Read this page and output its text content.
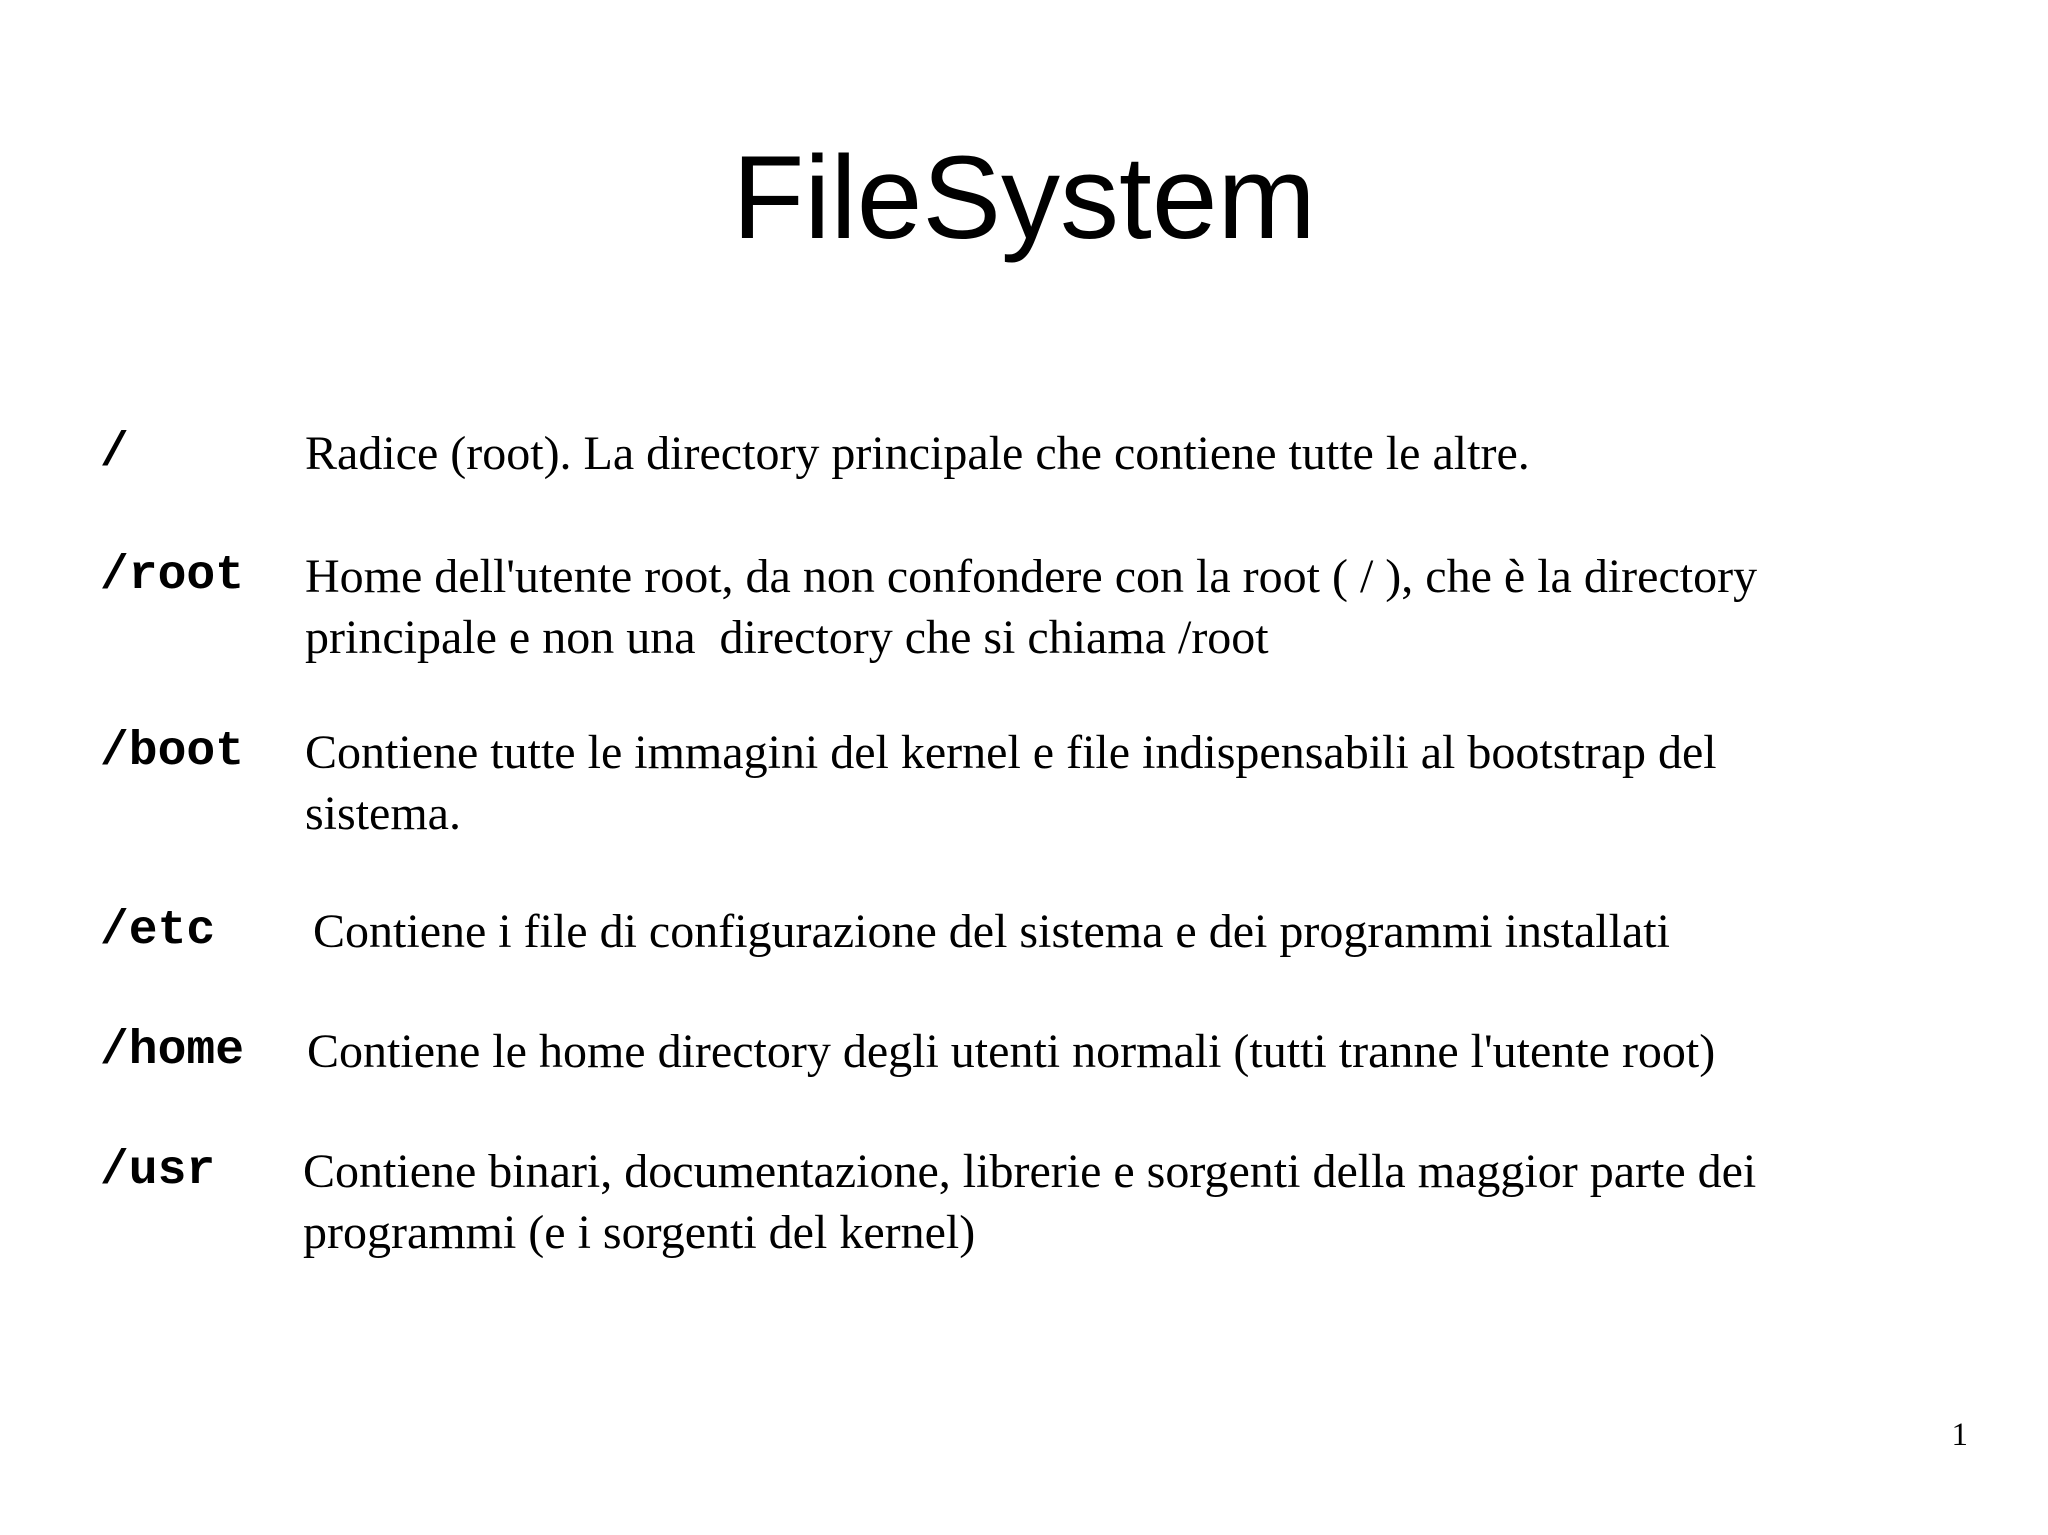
FileSystem
/	Radice (root). La directory principale che contiene tutte le altre.
/root Home dell'utente root, da non confondere con la root ( / ), che è la directory
principale e non una  directory che si chiama /root
/boot Contiene tutte le immagini del kernel e file indispensabili al bootstrap del
sistema.
/etc Contiene i file di configurazione del sistema e dei programmi installati
/home Contiene le home directory degli utenti normali (tutti tranne l'utente root)
/usr Contiene binari, documentazione, librerie e sorgenti della maggior parte dei
programmi (e i sorgenti del kernel)
1
